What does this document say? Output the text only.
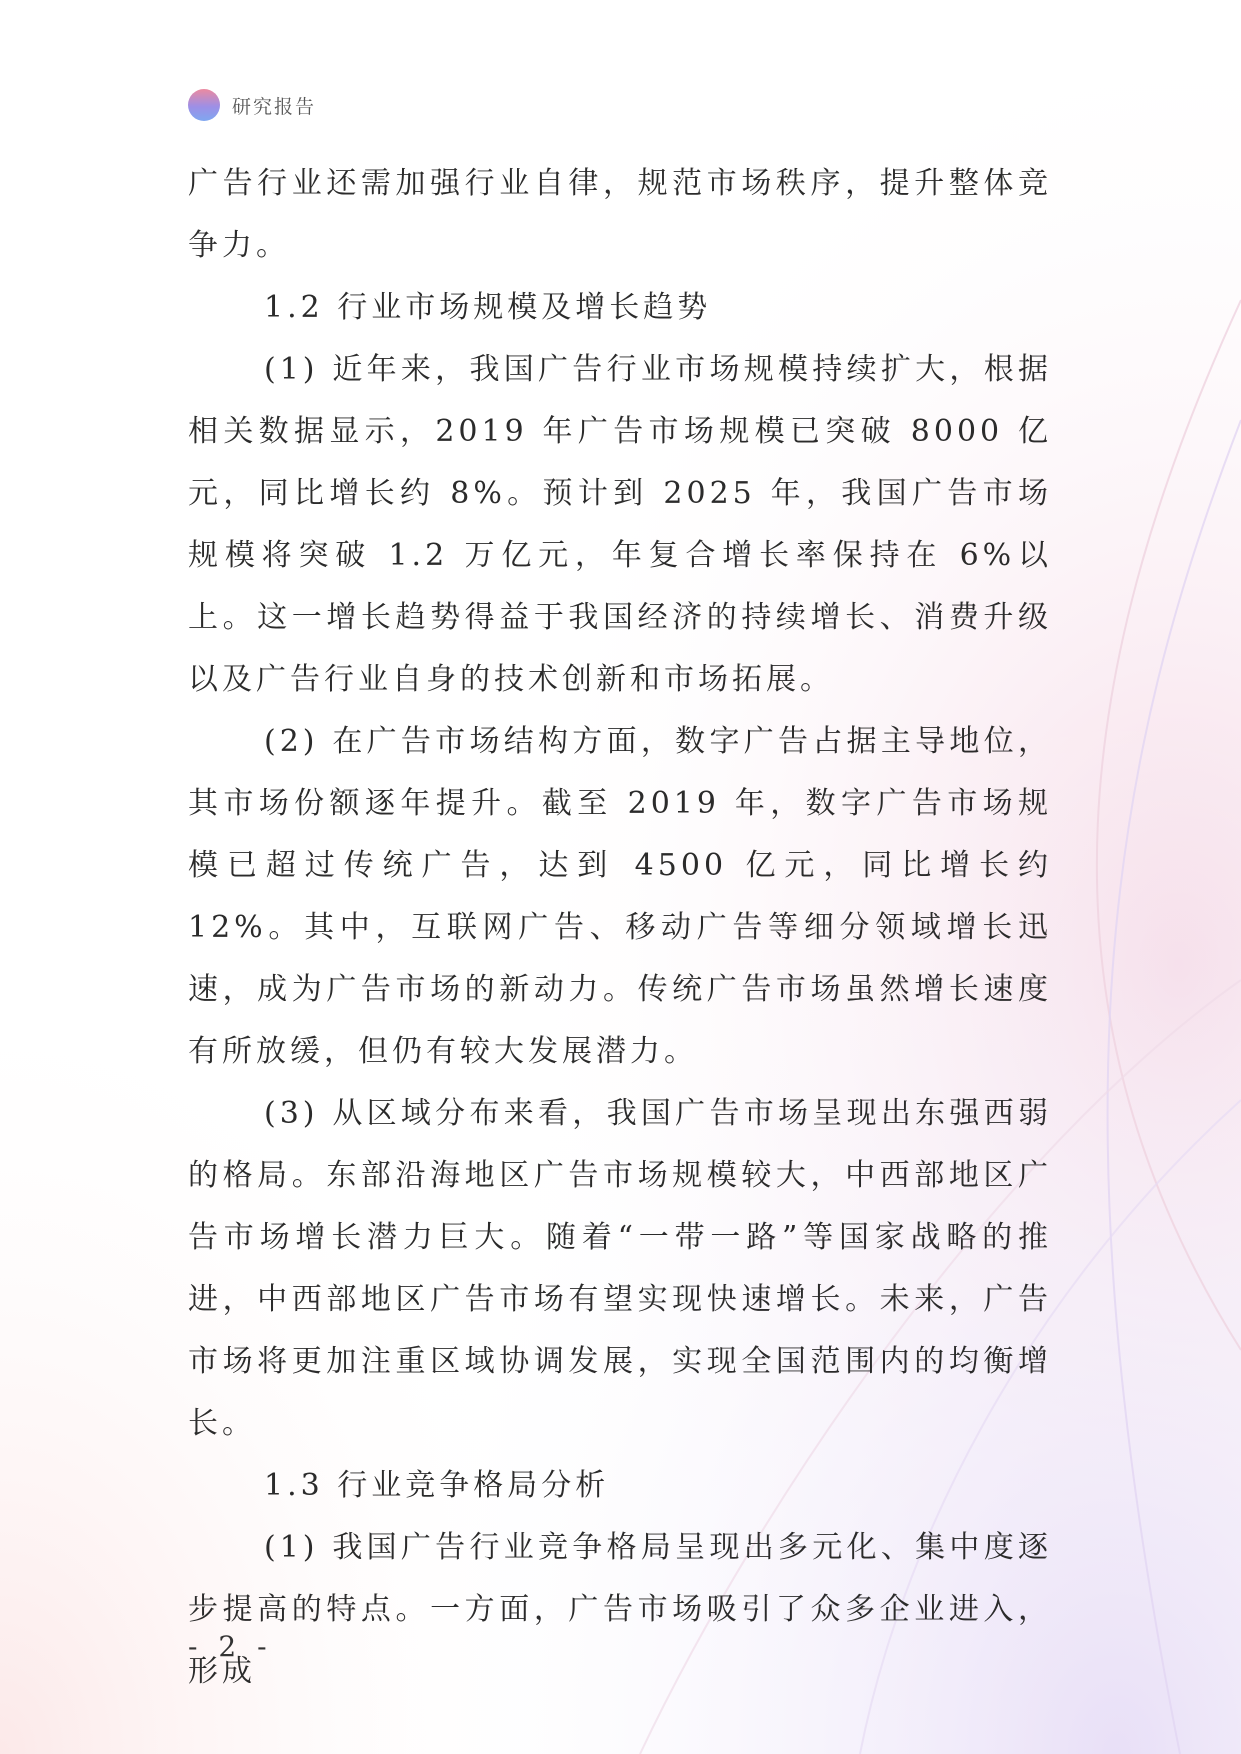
研究报告

广告行业还需加强行业自律，规范市场秩序，提升整体竞争力。

1.2 行业市场规模及增长趋势

(1) 近年来，我国广告行业市场规模持续扩大，根据相关数据显示，2019 年广告市场规模已突破 8000 亿元，同比增长约 8%。预计到 2025 年，我国广告市场规模将突破 1.2 万亿元，年复合增长率保持在 6%以上。这一增长趋势得益于我国经济的持续增长、消费升级以及广告行业自身的技术创新和市场拓展。

(2) 在广告市场结构方面，数字广告占据主导地位，其市场份额逐年提升。截至 2019 年，数字广告市场规模已超过传统广告，达到 4500 亿元，同比增长约 12%。其中，互联网广告、移动广告等细分领域增长迅速，成为广告市场的新动力。传统广告市场虽然增长速度有所放缓，但仍有较大发展潜力。

(3) 从区域分布来看，我国广告市场呈现出东强西弱的格局。东部沿海地区广告市场规模较大，中西部地区广告市场增长潜力巨大。随着“一带一路”等国家战略的推进，中西部地区广告市场有望实现快速增长。未来，广告市场将更加注重区域协调发展，实现全国范围内的均衡增长。

1.3 行业竞争格局分析

(1) 我国广告行业竞争格局呈现出多元化、集中度逐步提高的特点。一方面，广告市场吸引了众多企业进入，形成

- 2 -
